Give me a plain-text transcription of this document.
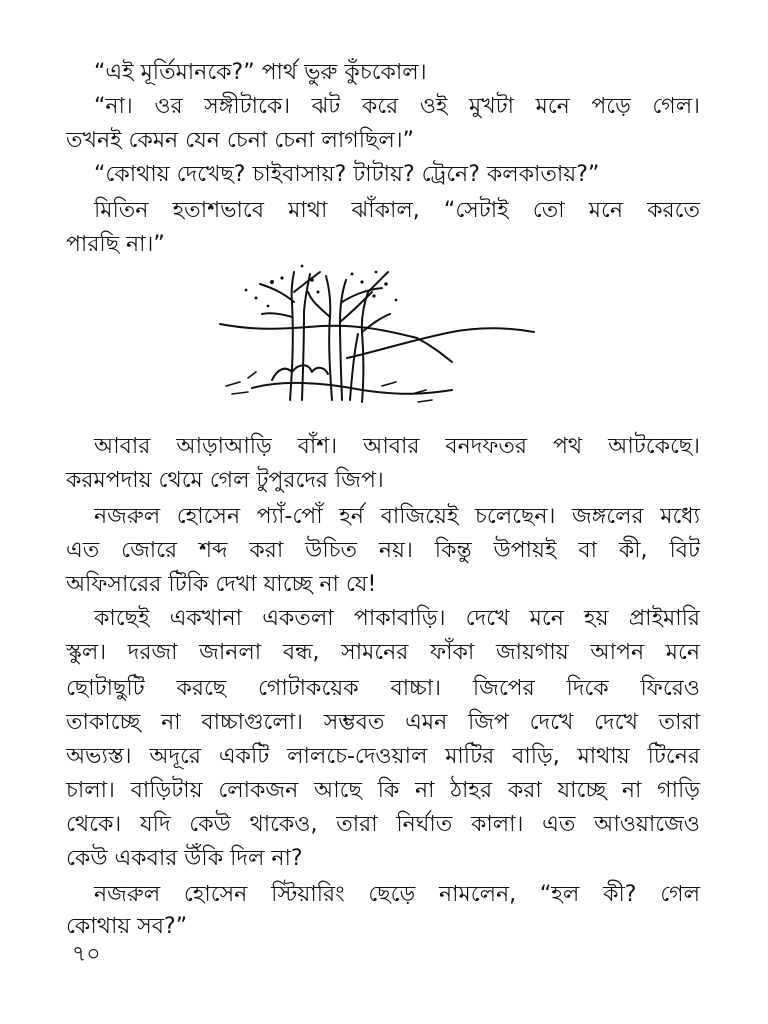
“এই মূর্তিমানকে?” পার্থ ভুরু কুঁচকোল।
“না। ওর সঙ্গীটাকে। ঝট করে ওই মুখটা মনে পড়ে গেল।
তখনই কেমন যেন চেনা চেনা লাগছিল।”
“কোথায় দেখেছ? চাইবাসায়? টাটায়? ট্রেনে? কলকাতায়?”
মিতিন হতাশভাবে মাথা ঝাঁকাল, “সেটাই তো মনে করতে
পারছি না।”
আবার আড়াআড়ি বাঁশ। আবার বনদফতর পথ আটকেছে।
করমপদায় থেমে গেল টুপুরদের জিপ।
নজরুল হোসেন প্যাঁ-পোঁ হর্ন বাজিয়েই চলেছেন। জঙ্গলের মধ্যে
এত জোরে শব্দ করা উচিত নয়। কিন্তু উপায়ই বা কী, বিট
অফিসারের টিকি দেখা যাচ্ছে না যে!
কাছেই একখানা একতলা পাকাবাড়ি। দেখে মনে হয় প্রাইমারি
স্কুল। দরজা জানলা বন্ধ, সামনের ফাঁকা জায়গায় আপন মনে
ছোটাছুটি করছে গোটাকয়েক বাচ্চা। জিপের দিকে ফিরেও
তাকাচ্ছে না বাচ্চাগুলো। সম্ভবত এমন জিপ দেখে দেখে তারা
অভ্যস্ত। অদূরে একটি লালচে-দেওয়াল মাটির বাড়ি, মাথায় টিনের
চালা। বাড়িটায় লোকজন আছে কি না ঠাহর করা যাচ্ছে না গাড়ি
থেকে। যদি কেউ থাকেও, তারা নির্ঘাত কালা। এত আওয়াজেও
কেউ একবার উঁকি দিল না?
নজরুল হোসেন স্টিয়ারিং ছেড়ে নামলেন, “হল কী? গেল
কোথায় সব?”
৭০
